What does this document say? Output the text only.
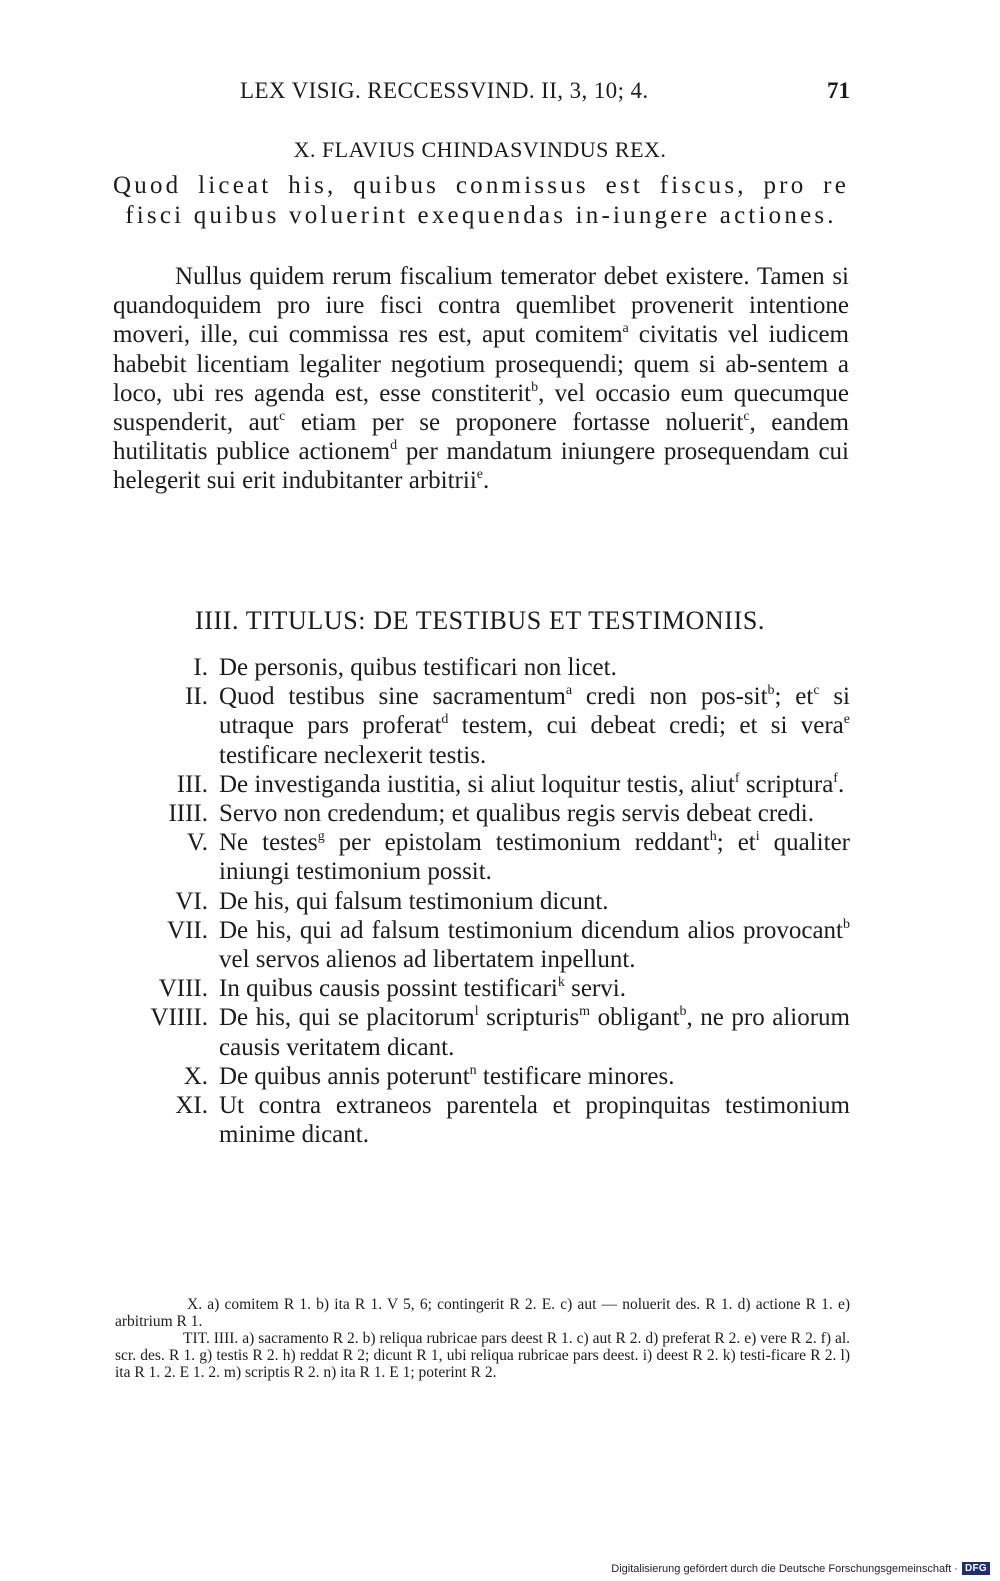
LEX VISIG. RECCESSVIND. II, 3, 10; 4.	71
X. FLAVIUS CHINDASVINDUS REX.
Quod liceat his, quibus conmissus est fiscus, pro re fisci quibus voluerint exequendas in-iungere actiones.
Nullus quidem rerum fiscalium temerator debet existere. Tamen si quandoquidem pro iure fisci contra quemlibet provenerit intentione moveri, ille, cui commissa res est, aput comitem$^a$ civitatis vel iudicem habebit licentiam legaliter negotium prosequendi; quem si ab-sentem a loco, ubi res agenda est, esse constiterit$^b$, vel occasio eum quecumque suspenderit, aut$^c$ etiam per se proponere fortasse noluerit$^c$, eandem hutilitatis publice actionem$^d$ per mandatum iniungere prosequendam cui helegerit sui erit indubitanter arbitrii$^e$.
IIII. TITULUS: DE TESTIBUS ET TESTIMONIIS.
I. De personis, quibus testificari non licet.
II. Quod testibus sine sacramentum$^a$ credi non pos-sit$^b$; $et^c$ si utraque pars proferat$^d$ testem, cui debeat credi; et si vera$^e$ testificare neclexerit testis.
III. De investiganda iustitia, si aliut loquitur testis, aliut$^f$ scriptura$^f$.
IIII. Servo non credendum; et qualibus regis servis debeat credi.
V. Ne testes$^g$ per epistolam testimonium reddant$^h$; $et^i$ qualiter iniungi testimonium possit.
VI. De his, qui falsum testimonium dicunt.
VII. De his, qui ad falsum testimonium dicendum alios provocant$^b$ vel servos alienos ad libertatem inpellunt.
VIII. In quibus causis possint testificari$^k$ servi.
VIIII. De his, qui se placitorum$^l$ scripturis$^m$ obligant$^b$, ne pro aliorum causis veritatem dicant.
X. De quibus annis poterunt$^n$ testificare minores.
XI. Ut contra extraneos parentela et propinquitas testimonium minime dicant.

X. a) comitem R 1. b) ita R 1. V 5, 6; contingerit R 2. E. c) aut — noluerit des. R 1. d) actione R 1. e) arbitrium R 1.

TIT. IIII. a) sacramento R 2. b) reliqua rubricae pars deest R 1. c) aut R 2. d) preferat R 2. e) vere R 2. f) al. scr. des. R 1. g) testis R 2. h) reddat R 2; dicunt R 1, ubi reliqua rubricae pars deest. i) deest R 2. k) testi-ficare R 2. l) ita R 1. 2. E 1. 2. m) scriptis R 2. n) ita R 1. E 1; poterint R 2.

Digitalisierung gefördert durch die Deutsche Forschungsgemeinschaft · DFG
